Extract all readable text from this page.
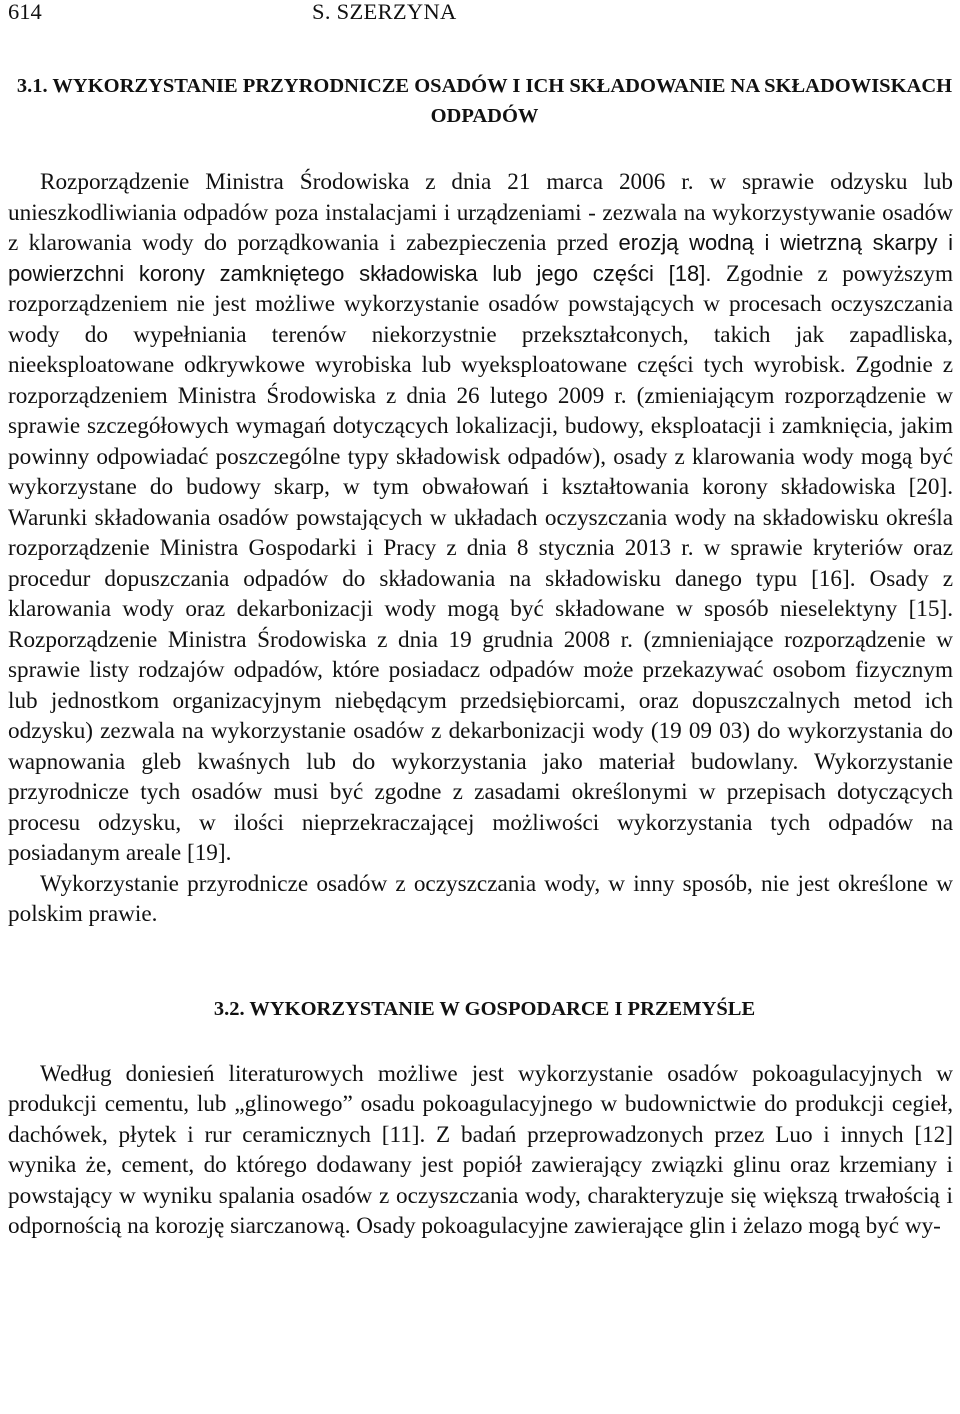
614	S. SZERZYNA
3.1. WYKORZYSTANIE PRZYRODNICZE OSADÓW I ICH SKŁADOWANIE NA SKŁADOWISKACH ODPADÓW

Rozporządzenie Ministra Środowiska z dnia 21 marca 2006 r. w sprawie odzysku lub unieszkodliwiania odpadów poza instalacjami i urządzeniami - zezwala na wykorzystywanie osadów z klarowania wody do porządkowania i zabezpieczenia przed erozją wodną i wietrzną skarpy i powierzchni korony zamkniętego składowiska lub jego części [18]. Zgodnie z powyższym rozporządzeniem nie jest możliwe wykorzystanie osadów powstających w procesach oczyszczania wody do wypełniania terenów niekorzystnie przekształconych, takich jak zapadliska, nieeksploatowane odkrywkowe wyrobiska lub wyeksploatowane części tych wyrobisk. Zgodnie z rozporządzeniem Ministra Środowiska z dnia 26 lutego 2009 r. (zmieniającym rozporządzenie w sprawie szczegółowych wymagań dotyczących lokalizacji, budowy, eksploatacji i zamknięcia, jakim powinny odpowiadać poszczególne typy składowisk odpadów), osady z klarowania wody mogą być wykorzystane do budowy skarp, w tym obwałowań i kształtowania korony składowiska [20]. Warunki składowania osadów powstających w układach oczyszczania wody na składowisku określa rozporządzenie Ministra Gospodarki i Pracy z dnia 8 stycznia 2013 r. w sprawie kryteriów oraz procedur dopuszczania odpadów do składowania na składowisku danego typu [16]. Osady z klarowania wody oraz dekarbonizacji wody mogą być składowane w sposób nieselektyny [15]. Rozporządzenie Ministra Środowiska z dnia 19 grudnia 2008 r. (zmnieniające rozporządzenie w sprawie listy rodzajów odpadów, które posiadacz odpadów może przekazywać osobom fizycznym lub jednostkom organizacyjnym niebędącym przedsiębiorcami, oraz dopuszczalnych metod ich odzysku) zezwala na wykorzystanie osadów z dekarbonizacji wody (19 09 03) do wykorzystania do wapnowania gleb kwaśnych lub do wykorzystania jako materiał budowlany. Wykorzystanie przyrodnicze tych osadów musi być zgodne z zasadami określonymi w przepisach dotyczących procesu odzysku, w ilości nieprzekraczającej możliwości wykorzystania tych odpadów na posiadanym areale [19].

Wykorzystanie przyrodnicze osadów z oczyszczania wody, w inny sposób, nie jest określone w polskim prawie.

3.2. WYKORZYSTANIE W GOSPODARCE I PRZEMYŚLE

Według doniesień literaturowych możliwe jest wykorzystanie osadów pokoagulacyjnych w produkcji cementu, lub „glinowego” osadu pokoagulacyjnego w budownictwie do produkcji cegieł, dachówek, płytek i rur ceramicznych [11]. Z badań przeprowadzonych przez Luo i innych [12] wynika że, cement, do którego dodawany jest popiół zawierający związki glinu oraz krzemiany i powstający w wyniku spalania osadów z oczyszczania wody, charakteryzuje się większą trwałością i odpornością na korozję siarczanową. Osady pokoagulacyjne zawierające glin i żelazo mogą być wy-
